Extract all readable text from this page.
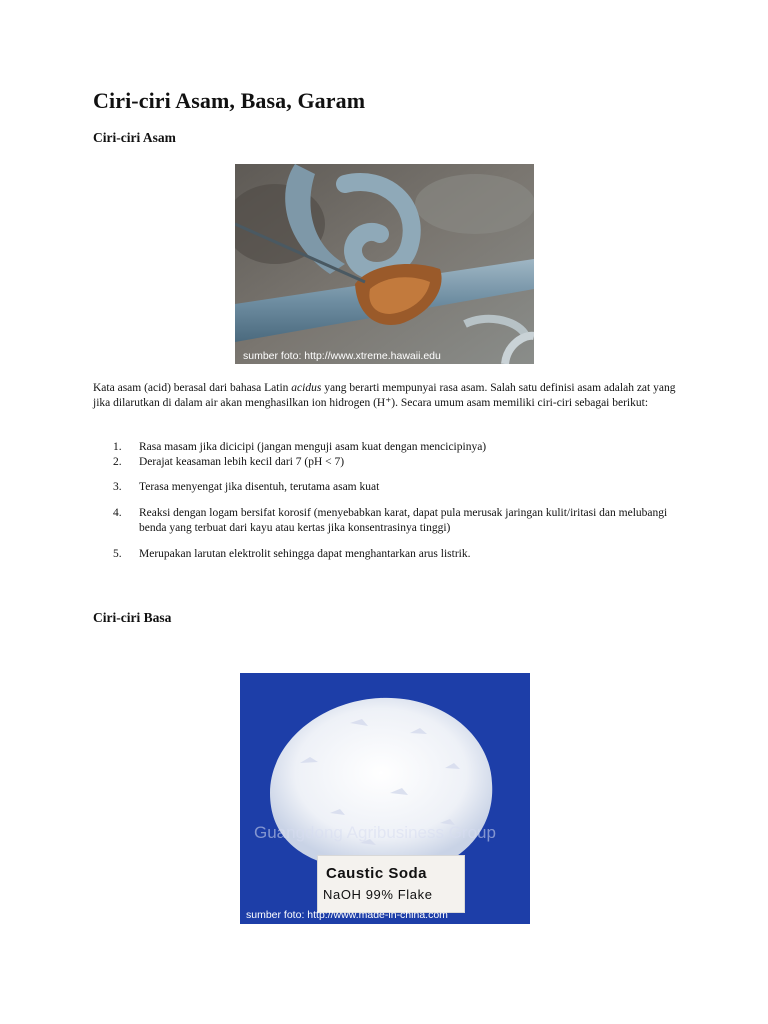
Ciri-ciri Asam, Basa, Garam
Ciri-ciri Asam
sumber foto: http://www.xtreme.hawaii.edu
Kata asam (acid) berasal dari bahasa Latin acidus yang berarti mempunyai rasa asam. Salah satu definisi asam adalah zat yang jika dilarutkan di dalam air akan menghasilkan ion hidrogen (H⁺). Secara umum asam memiliki ciri-ciri sebagai berikut:
1. Rasa masam jika dicicipi (jangan menguji asam kuat dengan mencicipinya)
2. Derajat keasaman lebih kecil dari 7 (pH < 7)
3. Terasa menyengat jika disentuh, terutama asam kuat
4. Reaksi dengan logam bersifat korosif (menyebabkan karat, dapat pula merusak jaringan kulit/iritasi dan melubangi benda yang terbuat dari kayu atau kertas jika konsentrasinya tinggi)
5. Merupakan larutan elektrolit sehingga dapat menghantarkan arus listrik.
Ciri-ciri Basa
Guangdong Agribusiness Group
Caustic Soda
NaOH 99% Flake
sumber foto: http://www.made-in-china.com
